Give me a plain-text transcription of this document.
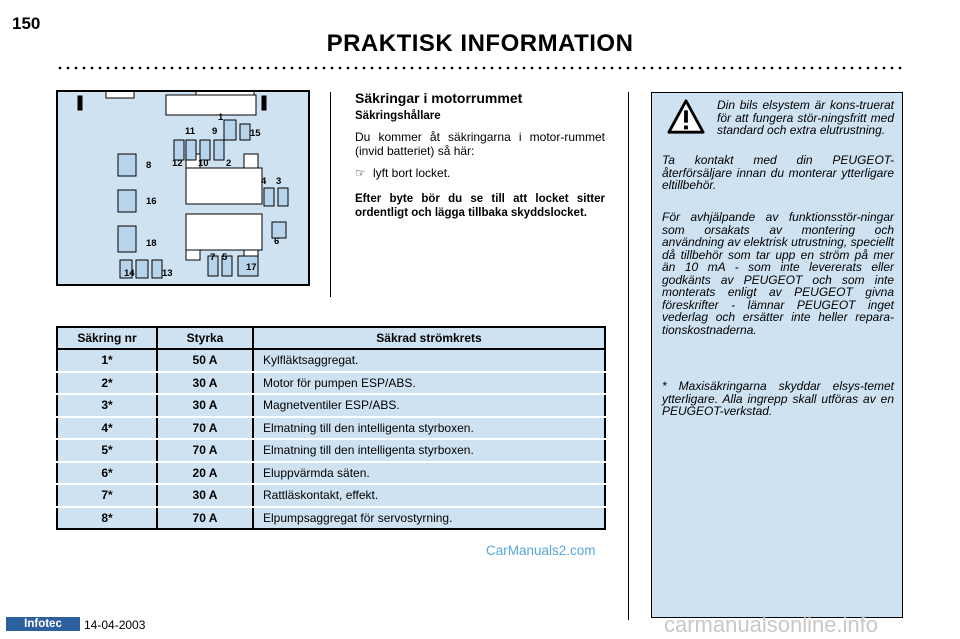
150
PRAKTISK INFORMATION
1
11 9	15
12 10 2
8
4 3
16
6
18
7 5
17
14	13
Säkringar i motorrummet
Säkringshållare
Du kommer åt säkringarna i motor-rummet (invid batteriet) så här:
☞ lyft bort locket.
Efter byte bör du se till att locket sitter ordentligt och lägga tillbaka skyddslocket.
Säkring nr	Styrka	Säkrad strömkrets
1*	50 A	Kylfläktsaggregat.
2*	30 A	Motor för pumpen ESP/ABS.
3*	30 A	Magnetventiler ESP/ABS.
4*	70 A	Elmatning till den intelligenta styrboxen.
5*	70 A	Elmatning till den intelligenta styrboxen.
6*	20 A	Eluppvärmda säten.
7*	30 A	Rattläskontakt, effekt.
8*	70 A	Elpumpsaggregat för servostyrning.
CarManuals2.com
Din bils elsystem är kons-truerat för att fungera stör-ningsfritt med standard och extra elutrustning.
Ta kontakt med din PEUGEOT-återförsäljare innan du monterar ytterligare eltillbehör.
För avhjälpande av funktionsstör-ningar som orsakats av montering och användning av elektrisk utrustning, speciellt då tillbehör som tar upp en ström på mer än 10 mA - som inte levererats eller godkänts av PEUGEOT och som inte monterats enligt av PEUGEOT givna föreskrifter - lämnar PEUGEOT inget vederlag och ersätter inte heller repara-tionskostnaderna.
* Maxisäkringarna skyddar elsys-temet ytterligare. Alla ingrepp skall utföras av en PEUGEOT-verkstad.
Infotec	14-04-2003	carmanualsonline.info
